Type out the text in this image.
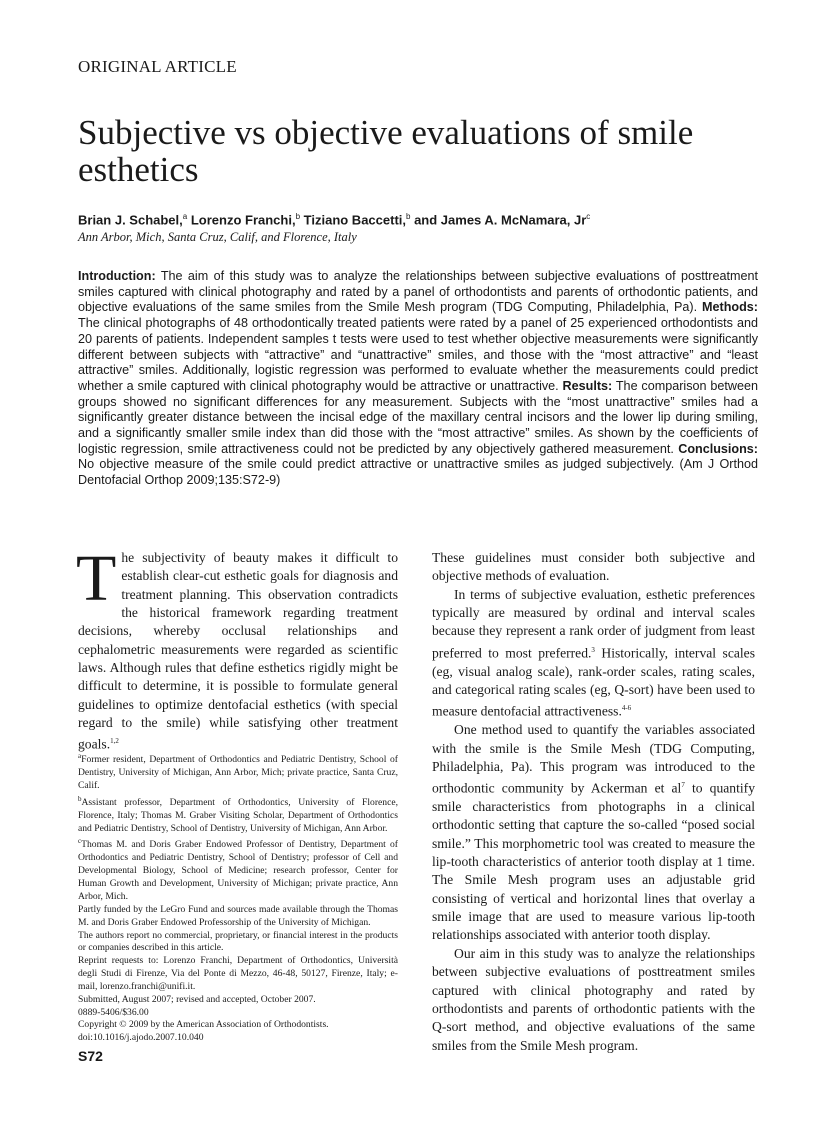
ORIGINAL ARTICLE
Subjective vs objective evaluations of smile esthetics
Brian J. Schabel,$^a$ Lorenzo Franchi,$^b$ Tiziano Baccetti,$^b$ and James A. McNamara, Jr$^c$
Ann Arbor, Mich, Santa Cruz, Calif, and Florence, Italy

Introduction: The aim of this study was to analyze the relationships between subjective evaluations of posttreatment smiles captured with clinical photography and rated by a panel of orthodontists and parents of orthodontic patients, and objective evaluations of the same smiles from the Smile Mesh program (TDG Computing, Philadelphia, Pa). Methods: The clinical photographs of 48 orthodontically treated patients were rated by a panel of 25 experienced orthodontists and 20 parents of patients. Independent samples t tests were used to test whether objective measurements were significantly different between subjects with “attractive” and “unattractive” smiles, and those with the “most attractive” and “least attractive” smiles. Additionally, logistic regression was performed to evaluate whether the measurements could predict whether a smile captured with clinical photography would be attractive or unattractive. Results: The comparison between groups showed no significant differences for any measurement. Subjects with the “most unattractive” smiles had a significantly greater distance between the incisal edge of the maxillary central incisors and the lower lip during smiling, and a significantly smaller smile index than did those with the “most attractive” smiles. As shown by the coefficients of logistic regression, smile attractiveness could not be predicted by any objectively gathered measurement. Conclusions: No objective measure of the smile could predict attractive or unattractive smiles as judged subjectively. (Am J Orthod Dentofacial Orthop 2009;135:S72-9)

The subjectivity of beauty makes it difficult to establish clear-cut esthetic goals for diagnosis and treatment planning. This observation contradicts the historical framework regarding treatment decisions, whereby occlusal relationships and cephalometric measurements were regarded as scientific laws. Although rules that define esthetics rigidly might be difficult to determine, it is possible to formulate general guidelines to optimize dentofacial esthetics (with special regard to the smile) while satisfying other treatment goals.$^{1,2}$

$^a$Former resident, Department of Orthodontics and Pediatric Dentistry, School of Dentistry, University of Michigan, Ann Arbor, Mich; private practice, Santa Cruz, Calif.

$^b$Assistant professor, Department of Orthodontics, University of Florence, Florence, Italy; Thomas M. Graber Visiting Scholar, Department of Orthodontics and Pediatric Dentistry, School of Dentistry, University of Michigan, Ann Arbor.

$^c$Thomas M. and Doris Graber Endowed Professor of Dentistry, Department of Orthodontics and Pediatric Dentistry, School of Dentistry; professor of Cell and Developmental Biology, School of Medicine; research professor, Center for Human Growth and Development, University of Michigan; private practice, Ann Arbor, Mich.

Partly funded by the LeGro Fund and sources made available through the Thomas M. and Doris Graber Endowed Professorship of the University of Michigan.

The authors report no commercial, proprietary, or financial interest in the products or companies described in this article.

Reprint requests to: Lorenzo Franchi, Department of Orthodontics, Università degli Studi di Firenze, Via del Ponte di Mezzo, 46-48, 50127, Firenze, Italy; e-mail, lorenzo.franchi@unifi.it.

Submitted, August 2007; revised and accepted, October 2007.

0889-5406/$36.00

Copyright © 2009 by the American Association of Orthodontists.

doi:10.1016/j.ajodo.2007.10.040

These guidelines must consider both subjective and objective methods of evaluation.

In terms of subjective evaluation, esthetic preferences typically are measured by ordinal and interval scales because they represent a rank order of judgment from least preferred to most preferred.$^3$ Historically, interval scales (eg, visual analog scale), rank-order scales, rating scales, and categorical rating scales (eg, Q-sort) have been used to measure dentofacial attractiveness.$^{4-6}$

One method used to quantify the variables associated with the smile is the Smile Mesh (TDG Computing, Philadelphia, Pa). This program was introduced to the orthodontic community by Ackerman et $al^7$ to quantify smile characteristics from photographs in a clinical orthodontic setting that capture the so-called “posed social smile.” This morphometric tool was created to measure the lip-tooth characteristics of anterior tooth display at 1 time. The Smile Mesh program uses an adjustable grid consisting of vertical and horizontal lines that overlay a smile image that are used to measure various lip-tooth relationships associated with anterior tooth display.

Our aim in this study was to analyze the relationships between subjective evaluations of posttreatment smiles captured with clinical photography and rated by orthodontists and parents of orthodontic patients with the Q-sort method, and objective evaluations of the same smiles from the Smile Mesh program.

S72
